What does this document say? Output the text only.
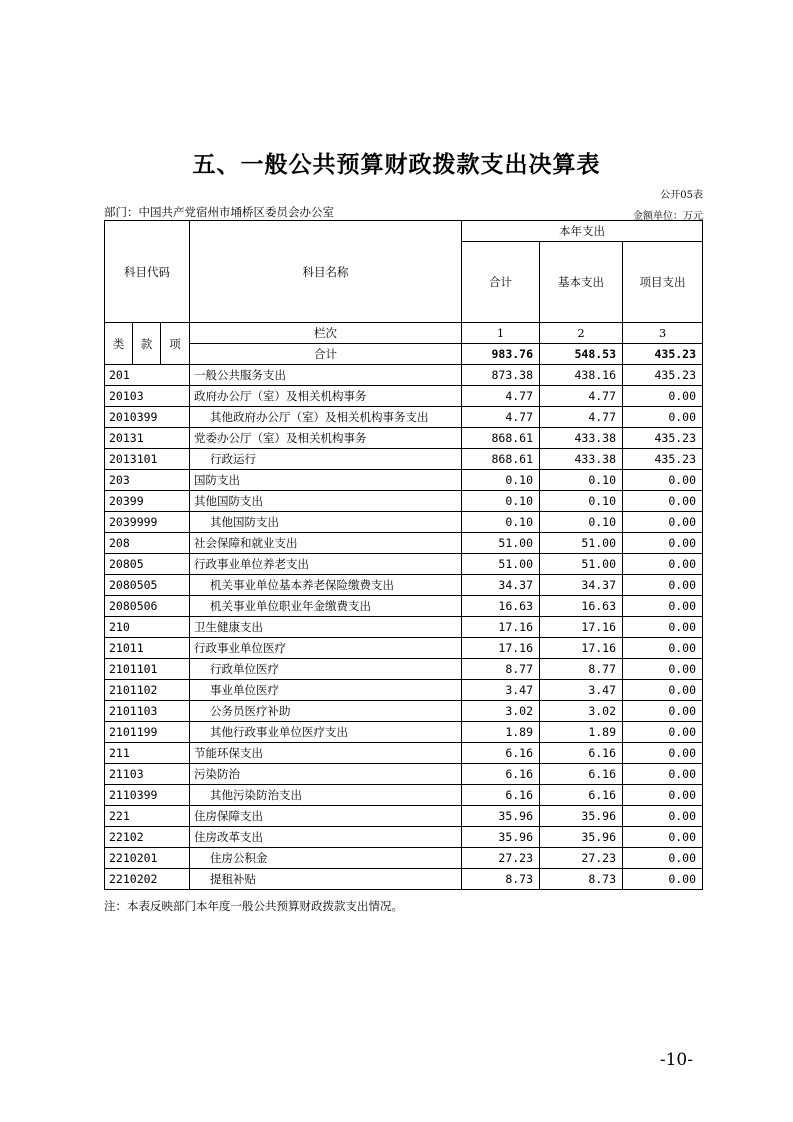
五、一般公共预算财政拨款支出决算表
公开05表
部门：中国共产党宿州市埇桥区委员会办公室	金额单位：万元
科目代码			科目名称	本年支出		
				合计	基本支出	项目支出
类	款	项	栏次	1	2	3
			合计	983.76	548.53	435.23
201			一般公共服务支出	873.38	438.16	435.23
20103			政府办公厅（室）及相关机构事务	4.77	4.77	0.00
2010399			其他政府办公厅（室）及相关机构事务支出	4.77	4.77	0.00
20131			党委办公厅（室）及相关机构事务	868.61	433.38	435.23
2013101			行政运行	868.61	433.38	435.23
203			国防支出	0.10	0.10	0.00
20399			其他国防支出	0.10	0.10	0.00
2039999			其他国防支出	0.10	0.10	0.00
208			社会保障和就业支出	51.00	51.00	0.00
20805			行政事业单位养老支出	51.00	51.00	0.00
2080505			机关事业单位基本养老保险缴费支出	34.37	34.37	0.00
2080506			机关事业单位职业年金缴费支出	16.63	16.63	0.00
210			卫生健康支出	17.16	17.16	0.00
21011			行政事业单位医疗	17.16	17.16	0.00
2101101			行政单位医疗	8.77	8.77	0.00
2101102			事业单位医疗	3.47	3.47	0.00
2101103			公务员医疗补助	3.02	3.02	0.00
2101199			其他行政事业单位医疗支出	1.89	1.89	0.00
211			节能环保支出	6.16	6.16	0.00
21103			污染防治	6.16	6.16	0.00
2110399			其他污染防治支出	6.16	6.16	0.00
221			住房保障支出	35.96	35.96	0.00
22102			住房改革支出	35.96	35.96	0.00
2210201			住房公积金	27.23	27.23	0.00
2210202			提租补贴	8.73	8.73	0.00
注：本表反映部门本年度一般公共预算财政拨款支出情况。
-10-
